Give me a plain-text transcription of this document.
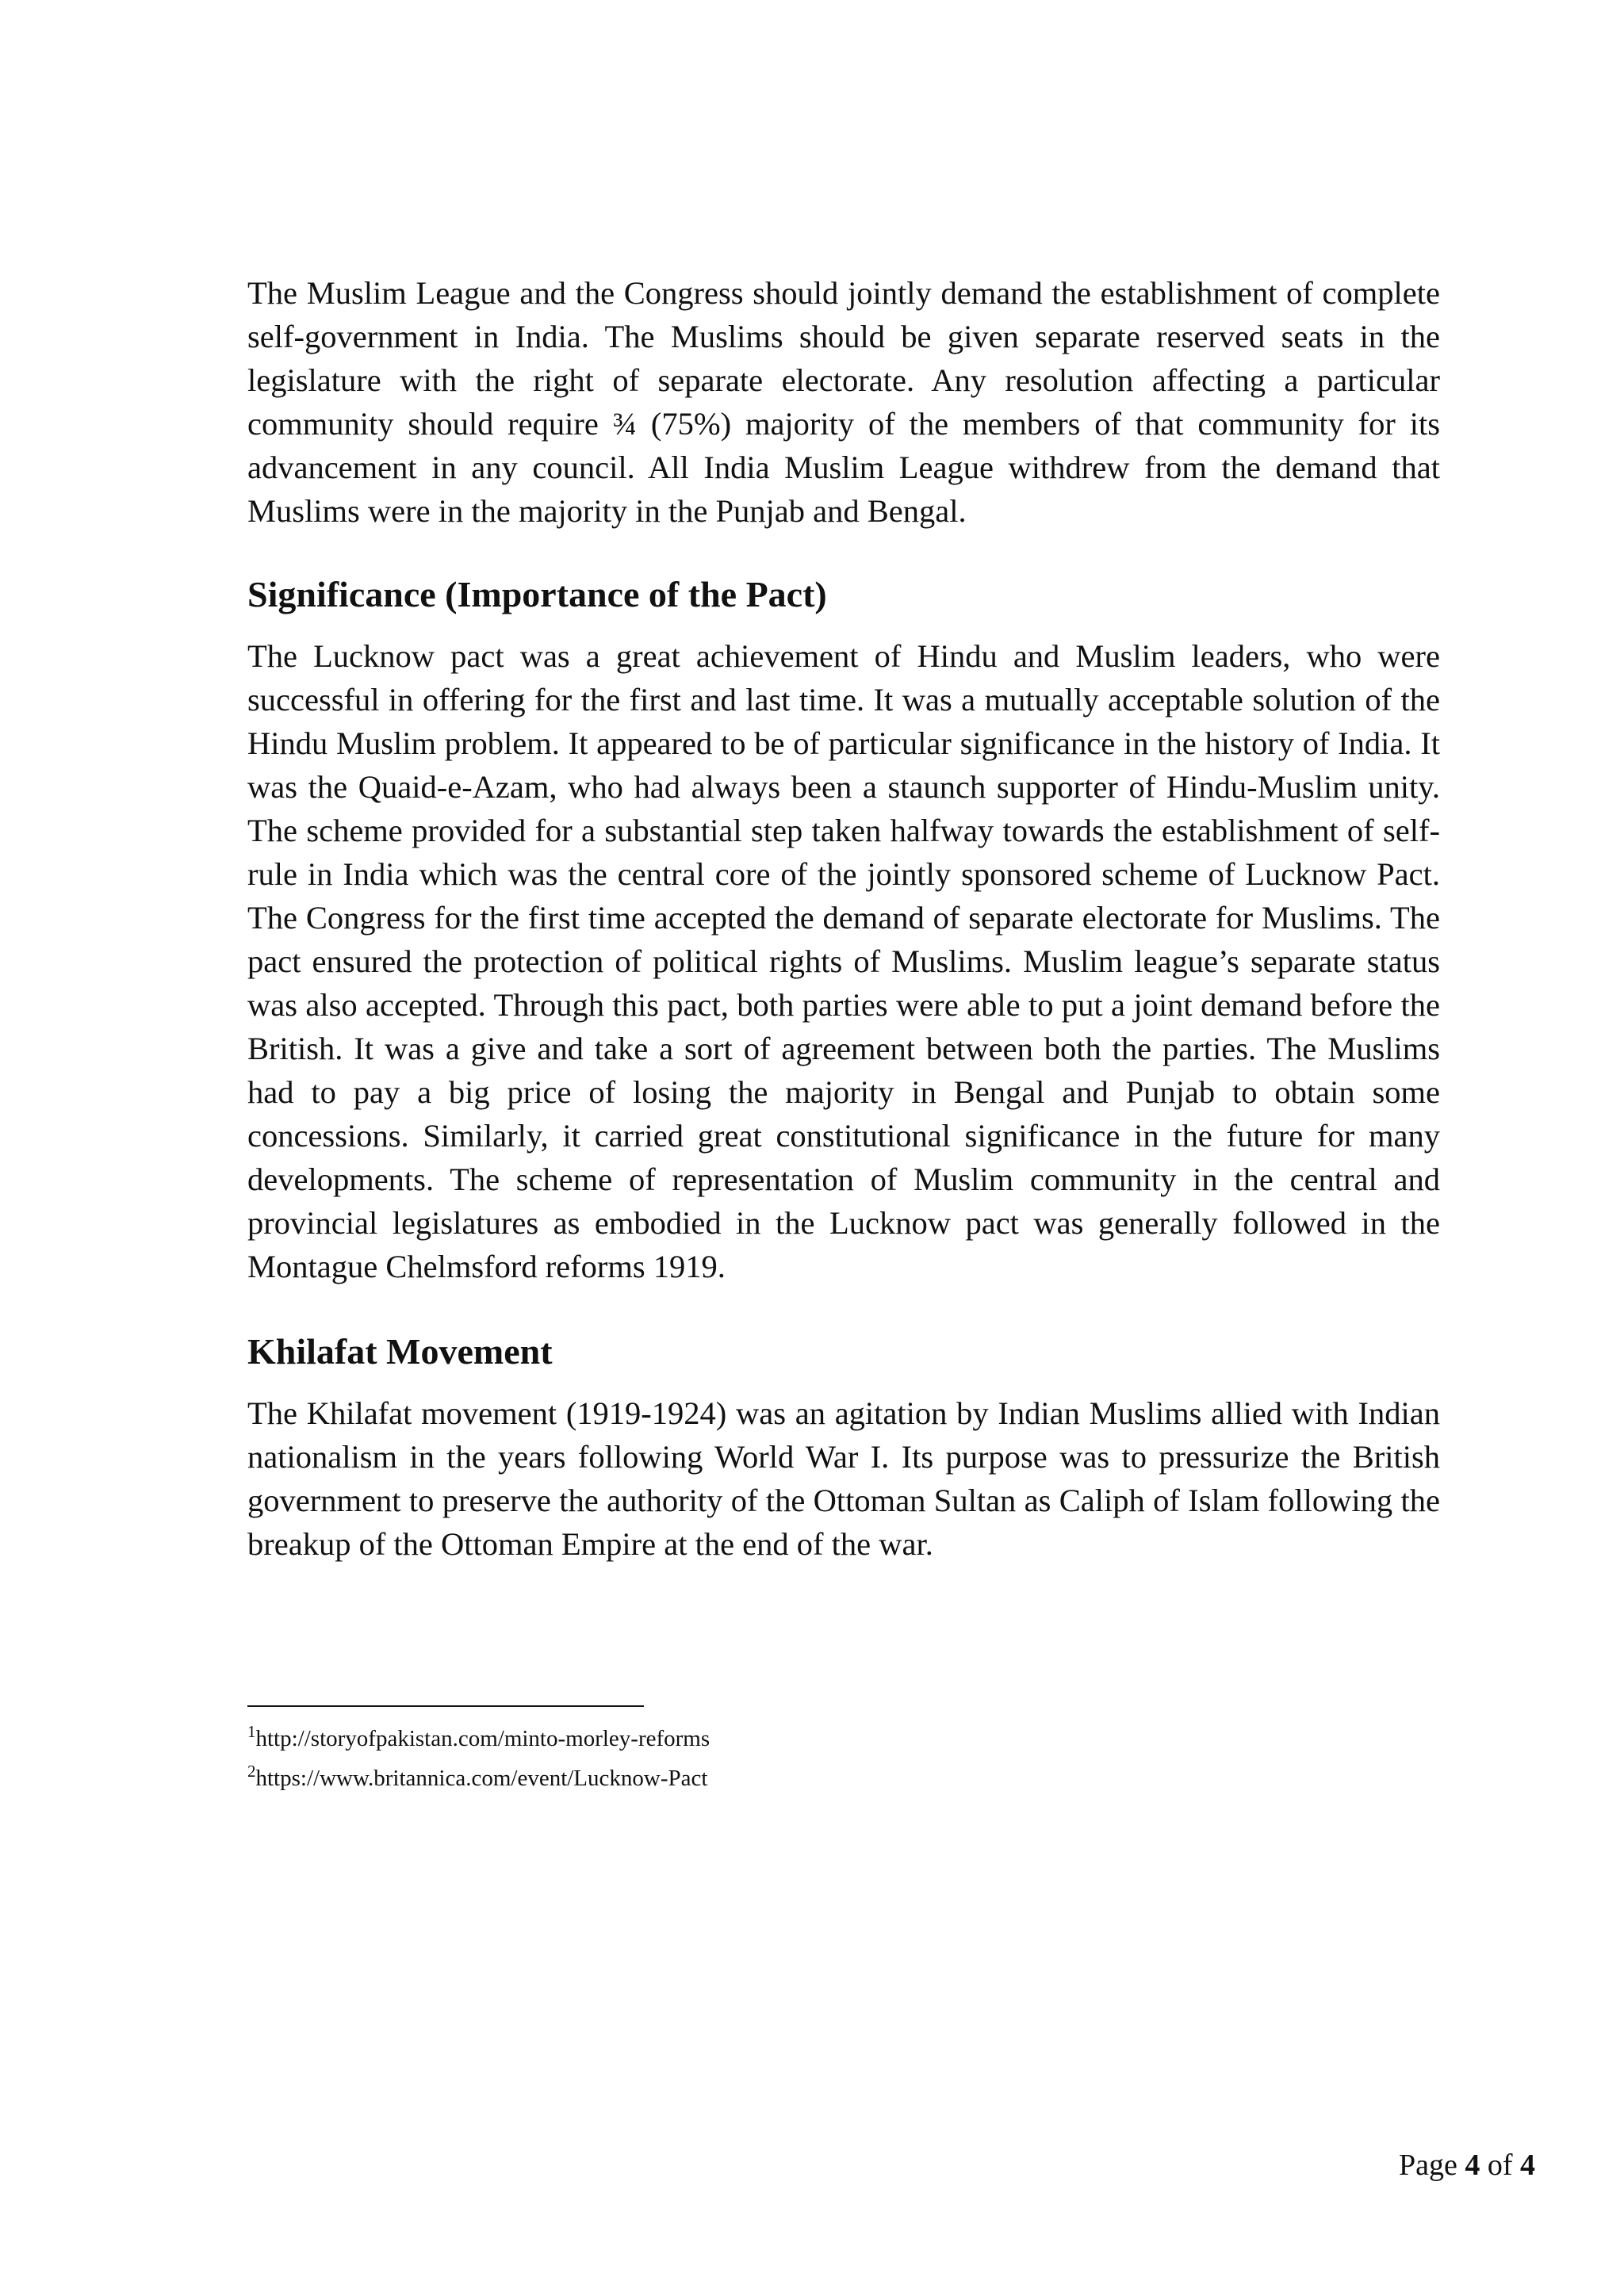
The Muslim League and the Congress should jointly demand the establishment of complete self-government in India. The Muslims should be given separate reserved seats in the legislature with the right of separate electorate. Any resolution affecting a particular community should require ¾ (75%) majority of the members of that community for its advancement in any council. All India Muslim League withdrew from the demand that Muslims were in the majority in the Punjab and Bengal.

Significance (Importance of the Pact)

The Lucknow pact was a great achievement of Hindu and Muslim leaders, who were successful in offering for the first and last time. It was a mutually acceptable solution of the Hindu Muslim problem. It appeared to be of particular significance in the history of India. It was the Quaid-e-Azam, who had always been a staunch supporter of Hindu-Muslim unity. The scheme provided for a substantial step taken halfway towards the establishment of self-rule in India which was the central core of the jointly sponsored scheme of Lucknow Pact. The Congress for the first time accepted the demand of separate electorate for Muslims. The pact ensured the protection of political rights of Muslims. Muslim league’s separate status was also accepted. Through this pact, both parties were able to put a joint demand before the British. It was a give and take a sort of agreement between both the parties. The Muslims had to pay a big price of losing the majority in Bengal and Punjab to obtain some concessions. Similarly, it carried great constitutional significance in the future for many developments. The scheme of representation of Muslim community in the central and provincial legislatures as embodied in the Lucknow pact was generally followed in the Montague Chelmsford reforms 1919.

Khilafat Movement

The Khilafat movement (1919-1924) was an agitation by Indian Muslims allied with Indian nationalism in the years following World War I. Its purpose was to pressurize the British government to preserve the authority of the Ottoman Sultan as Caliph of Islam following the breakup of the Ottoman Empire at the end of the war.

$^1$http://storyofpakistan.com/minto-morley-reforms
$^2$https://www.britannica.com/event/Lucknow-Pact
Page 4 of 4
